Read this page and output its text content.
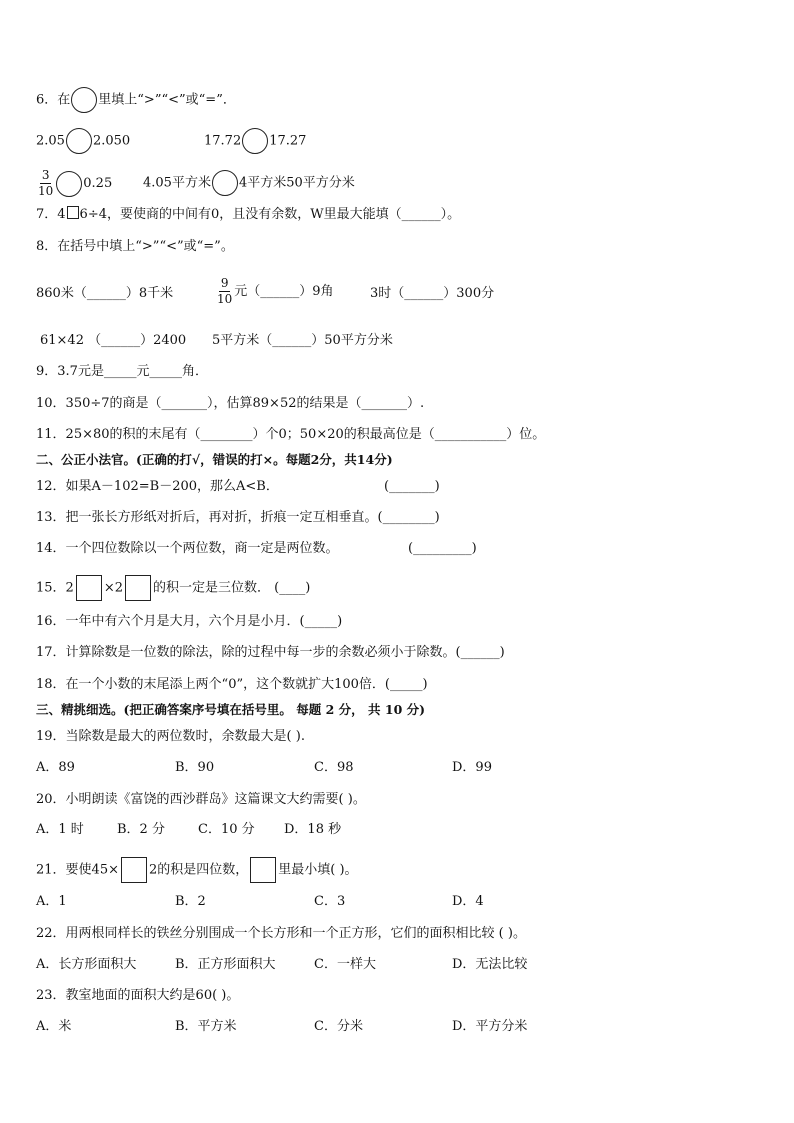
6．在 里填上“>”“<”或“=”．
2.05 2.050	17.72 17.27
$\frac{3}{10} 0.25$ 4.05平方米 4平方米50平方分米
7．4 6÷4，要使商的中间有0，且没有余数，W里最大能填（______）。
8．在括号中填上“>”“<”或“=”。
860米（______）8千米	$\frac{9}{10}$ 元（______）9角	3时（______）300分
61×42 （______）2400 5平方米（______）50平方分米
9．3.7元是_____元_____角．
10．350÷7的商是（_______），估算89×52的结果是（_______）.
11．25×80的积的末尾有（________）个0；50×20的积最高位是（___________）位。
二、公正小法官。(正确的打√，错误的打×。每题2分，共14分)
12．如果A－102=B－200，那么A<B．	(_______)
13．把一张长方形纸对折后，再对折，折痕一定互相垂直。(________)
14．一个四位数除以一个两位数，商一定是两位数。	(_________)
15．2 ×2 的积一定是三位数． (____)
16．一年中有六个月是大月，六个月是小月．(_____)
17．计算除数是一位数的除法，除的过程中每一步的余数必须小于除数。(______)
18．在一个小数的末尾添上两个“0”，这个数就扩大100倍．(_____)
三、精挑细选。(把正确答案序号填在括号里。 每题 2 分， 共 10 分)
19．当除数是最大的两位数时，余数最大是( ).
A．89	B．90	C．98	D．99
20．小明朗读《富饶的西沙群岛》这篇课文大约需要( )。
A．1 时	B．2 分	C．10 分 D．18 秒
21．要使45× 2的积是四位数， 里最小填( )。
A．1	B．2	C．3	D．4
22．用两根同样长的铁丝分别围成一个长方形和一个正方形，它们的面积相比较 ( )。
A．长方形面积大	B．正方形面积大	C．一样大	D．无法比较
23．教室地面的面积大约是60( )。
A．米	B．平方米	C．分米	D．平方分米
